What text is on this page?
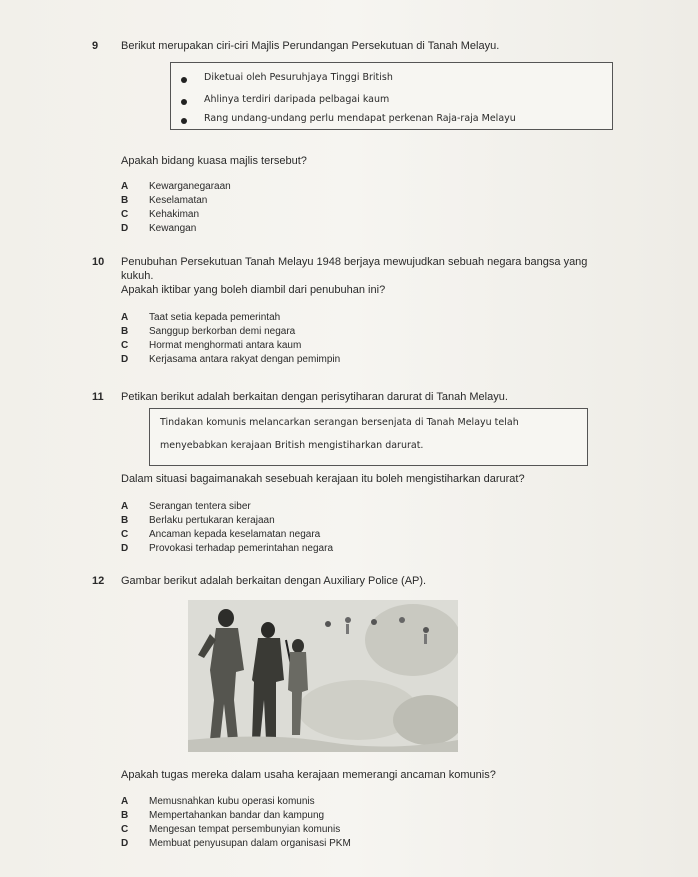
9 Berikut merupakan ciri-ciri Majlis Perundangan Persekutuan di Tanah Melayu.
Diketuai oleh Pesuruhjaya Tinggi British
Ahlinya terdiri daripada pelbagai kaum
Rang undang-undang perlu mendapat perkenan Raja-raja Melayu
Apakah bidang kuasa majlis tersebut?
A Kewarganegaraan
B Keselamatan
C Kehakiman
D Kewangan
10 Penubuhan Persekutuan Tanah Melayu 1948 berjaya mewujudkan sebuah negara bangsa yang
kukuh.
Apakah iktibar yang boleh diambil dari penubuhan ini?
A Taat setia kepada pemerintah
B Sanggup berkorban demi negara
C Hormat menghormati antara kaum
D Kerjasama antara rakyat dengan pemimpin
11 Petikan berikut adalah berkaitan dengan perisytiharan darurat di Tanah Melayu.
Tindakan komunis melancarkan serangan bersenjata di Tanah Melayu telah
menyebabkan kerajaan British mengistiharkan darurat.
Dalam situasi bagaimanakah sesebuah kerajaan itu boleh mengistiharkan darurat?
A Serangan tentera siber
B Berlaku pertukaran kerajaan
C Ancaman kepada keselamatan negara
D Provokasi terhadap pemerintahan negara
12 Gambar berikut adalah berkaitan dengan Auxiliary Police (AP).
Apakah tugas mereka dalam usaha kerajaan memerangi ancaman komunis?
A Memusnahkan kubu operasi komunis
B Mempertahankan bandar dan kampung
C Mengesan tempat persembunyian komunis
D Membuat penyusupan dalam organisasi PKM
